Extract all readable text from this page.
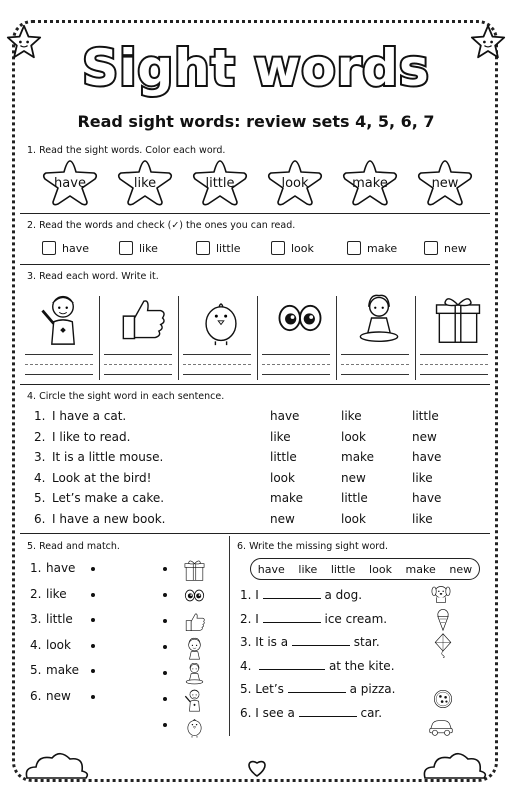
Sight words
Read sight words: review sets 4, 5, 6, 7
1. Read the sight words. Color each word.
have	like	little	look	make	new
2. Read the words and check (✓) the ones you can read.
have	like	little	look	make	new
3. Read each word. Write it.
4. Circle the sight word in each sentence.
1. I have a cat.	have	like	little
2. I like to read.	like	look	new
3. It is a little mouse.	little	make	have
4. Look at the bird!	look	new	like
5. Let’s make a cake.	make	little	have
6. I have a new book.	new	look	like
5. Read and match.
1. have
2. like
3. little
4. look
5. make
6. new
6. Write the missing sight word.
have like little look make new
1. I	a dog.
2. I	ice cream.
3. It is a	star.
4.	at the kite.
5. Let’s	a pizza.
6. I see a	car.
